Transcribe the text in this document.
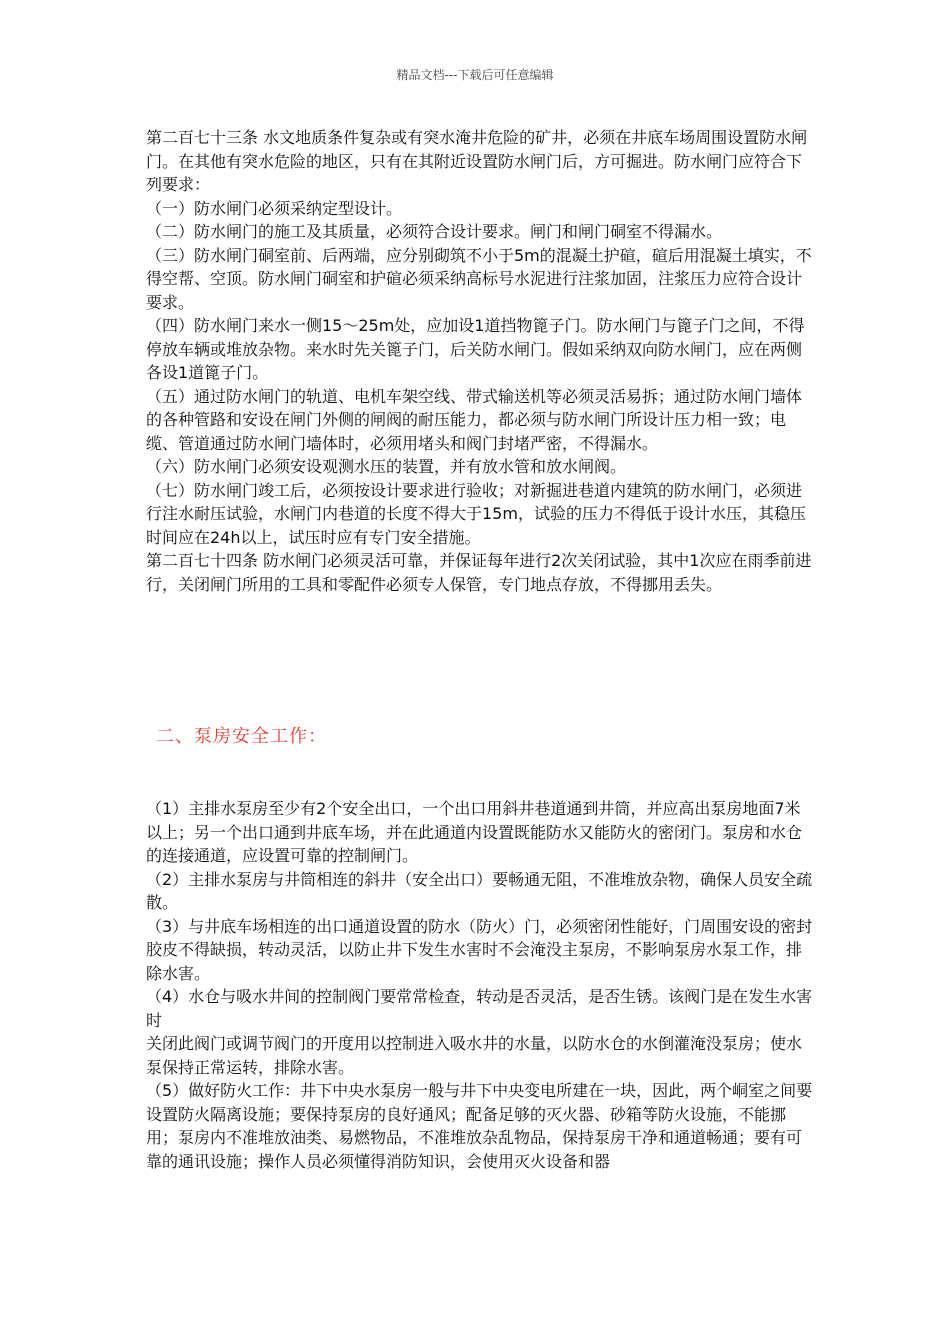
精品文档---下载后可任意编辑

第二百七十三条 水文地质条件复杂或有突水淹井危险的矿井，必须在井底车场周围设置防水闸门。在其他有突水危险的地区，只有在其附近设置防水闸门后，方可掘进。防水闸门应符合下列要求：

（一）防水闸门必须采纳定型设计。

（二）防水闸门的施工及其质量，必须符合设计要求。闸门和闸门硐室不得漏水。

（三）防水闸门硐室前、后两端，应分别砌筑不小于5m的混凝土护碹，碹后用混凝土填实，不得空帮、空顶。防水闸门硐室和护碹必须采纳高标号水泥进行注浆加固，注浆压力应符合设计要求。

（四）防水闸门来水一侧15～25m处，应加设1道挡物篦子门。防水闸门与篦子门之间，不得停放车辆或堆放杂物。来水时先关篦子门，后关防水闸门。假如采纳双向防水闸门，应在两侧各设1道篦子门。

（五）通过防水闸门的轨道、电机车架空线、带式输送机等必须灵活易拆；通过防水闸门墙体的各种管路和安设在闸门外侧的闸阀的耐压能力，都必须与防水闸门所设计压力相一致；电缆、管道通过防水闸门墙体时，必须用堵头和阀门封堵严密，不得漏水。

（六）防水闸门必须安设观测水压的装置，并有放水管和放水闸阀。

（七）防水闸门竣工后，必须按设计要求进行验收；对新掘进巷道内建筑的防水闸门，必须进行注水耐压试验，水闸门内巷道的长度不得大于15m，试验的压力不得低于设计水压，其稳压时间应在24h以上，试压时应有专门安全措施。

第二百七十四条 防水闸门必须灵活可靠，并保证每年进行2次关闭试验，其中1次应在雨季前进行，关闭闸门所用的工具和零配件必须专人保管，专门地点存放，不得挪用丢失。

二、泵房安全工作：

（1）主排水泵房至少有2个安全出口，一个出口用斜井巷道通到井筒，并应高出泵房地面7米以上；另一个出口通到井底车场，并在此通道内设置既能防水又能防火的密闭门。泵房和水仓的连接通道，应设置可靠的控制闸门。

（2）主排水泵房与井筒相连的斜井（安全出口）要畅通无阻，不准堆放杂物，确保人员安全疏散。

（3）与井底车场相连的出口通道设置的防水（防火）门，必须密闭性能好，门周围安设的密封胶皮不得缺损，转动灵活，以防止井下发生水害时不会淹没主泵房，不影响泵房水泵工作，排除水害。

（4）水仓与吸水井间的控制阀门要常常检查，转动是否灵活，是否生锈。该阀门是在发生水害时

关闭此阀门或调节阀门的开度用以控制进入吸水井的水量，以防水仓的水倒灌淹没泵房；使水泵保持正常运转，排除水害。

（5）做好防火工作：井下中央水泵房一般与井下中央变电所建在一块，因此，两个峒室之间要设置防火隔离设施；要保持泵房的良好通风；配备足够的灭火器、砂箱等防火设施，不能挪用；泵房内不准堆放油类、易燃物品，不准堆放杂乱物品，保持泵房干净和通道畅通；要有可靠的通讯设施；操作人员必须懂得消防知识，会使用灭火设备和器
